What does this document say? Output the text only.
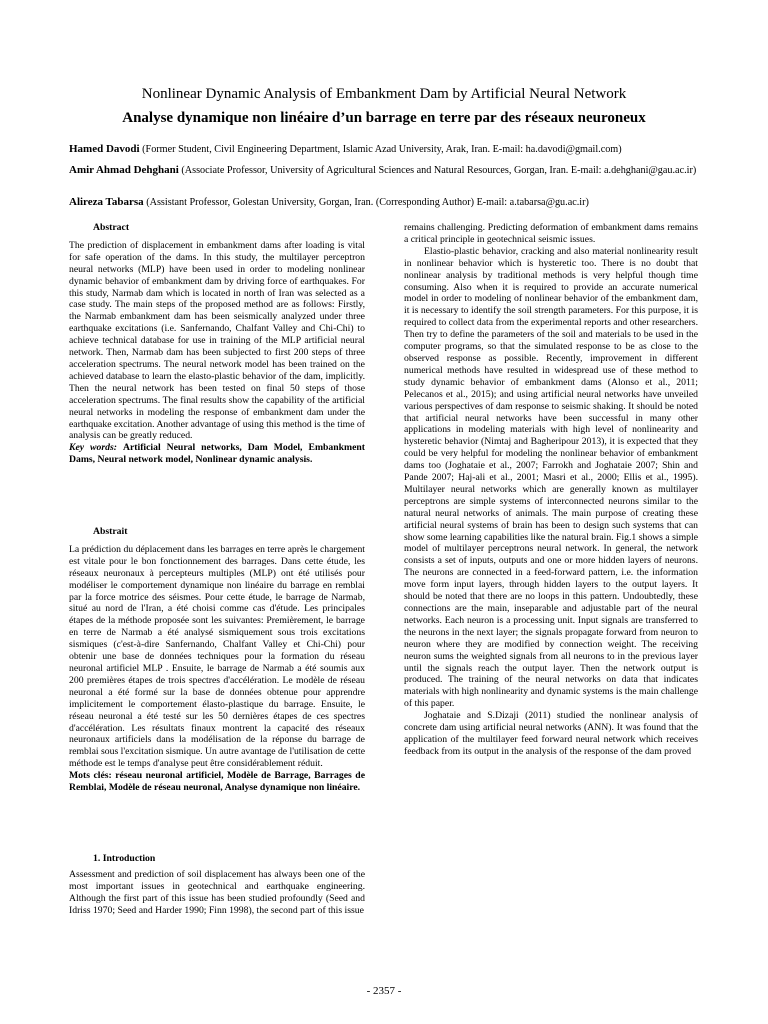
Nonlinear Dynamic Analysis of Embankment Dam by Artificial Neural Network
Analyse dynamique non linéaire d’un barrage en terre par des réseaux neuroneux
Hamed Davodi (Former Student, Civil Engineering Department, Islamic Azad University, Arak, Iran. E-mail: ha.davodi@gmail.com)
Amir Ahmad Dehghani (Associate Professor, University of Agricultural Sciences and Natural Resources, Gorgan, Iran. E-mail: a.dehghani@gau.ac.ir)
Alireza Tabarsa (Assistant Professor, Golestan University, Gorgan, Iran. (Corresponding Author) E-mail: a.tabarsa@gu.ac.ir)

Abstract

The prediction of displacement in embankment dams after loading is vital for safe operation of the dams. In this study, the multilayer perceptron neural networks (MLP) have been used in order to modeling nonlinear dynamic behavior of embankment dam by driving force of earthquakes. For this study, Narmab dam which is located in north of Iran was selected as a case study. The main steps of the proposed method are as follows: Firstly, the Narmab embankment dam has been seismically analyzed under three earthquake excitations (i.e. Sanfernando, Chalfant Valley and Chi-Chi) to achieve technical database for use in training of the MLP artificial neural network. Then, Narmab dam has been subjected to first 200 steps of three acceleration spectrums. The neural network model has been trained on the achieved database to learn the elasto-plastic behavior of the dam, implicitly. Then the neural network has been tested on final 50 steps of those acceleration spectrums. The final results show the capability of the artificial neural networks in modeling the response of embankment dam under the earthquake excitation. Another advantage of using this method is the time of analysis can be greatly reduced.

Key words: Artificial Neural networks, Dam Model, Embankment Dams, Neural network model, Nonlinear dynamic analysis.

Abstrait

La prédiction du déplacement dans les barrages en terre après le chargement est vitale pour le bon fonctionnement des barrages. Dans cette étude, les réseaux neuronaux à percepteurs multiples (MLP) ont été utilisés pour modéliser le comportement dynamique non linéaire du barrage en remblai par la force motrice des séismes. Pour cette étude, le barrage de Narmab, situé au nord de l'Iran, a été choisi comme cas d'étude. Les principales étapes de la méthode proposée sont les suivantes: Premièrement, le barrage en terre de Narmab a été analysé sismiquement sous trois excitations sismiques (c'est-à-dire Sanfernando, Chalfant Valley et Chi-Chi) pour obtenir une base de données techniques pour la formation du réseau neuronal artificiel MLP . Ensuite, le barrage de Narmab a été soumis aux 200 premières étapes de trois spectres d'accélération. Le modèle de réseau neuronal a été formé sur la base de données obtenue pour apprendre implicitement le comportement élasto-plastique du barrage. Ensuite, le réseau neuronal a été testé sur les 50 dernières étapes de ces spectres d'accélération. Les résultats finaux montrent la capacité des réseaux neuronaux artificiels dans la modélisation de la réponse du barrage de remblai sous l'excitation sismique. Un autre avantage de l'utilisation de cette méthode est le temps d'analyse peut être considérablement réduit.

Mots clés: réseau neuronal artificiel, Modèle de Barrage, Barrages de Remblai, Modèle de réseau neuronal, Analyse dynamique non linéaire.

1. Introduction

Assessment and prediction of soil displacement has always been one of the most important issues in geotechnical and earthquake engineering. Although the first part of this issue has been studied profoundly (Seed and Idriss 1970; Seed and Harder 1990; Finn 1998), the second part of this issue

remains challenging. Predicting deformation of embankment dams remains a critical principle in geotechnical seismic issues.

Elastio-plastic behavior, cracking and also material nonlinearity result in nonlinear behavior which is hysteretic too. There is no doubt that nonlinear analysis by traditional methods is very helpful though time consuming. Also when it is required to provide an accurate numerical model in order to modeling of nonlinear behavior of the embankment dam, it is necessary to identify the soil strength parameters. For this purpose, it is required to collect data from the experimental reports and other researchers. Then try to define the parameters of the soil and materials to be used in the computer programs, so that the simulated response to be as close to the observed response as possible. Recently, improvement in different numerical methods have resulted in widespread use of these method to study dynamic behavior of embankment dams (Alonso et al., 2011; Pelecanos et al., 2015); and using artificial neural networks have unveiled various perspectives of dam response to seismic shaking. It should be noted that artificial neural networks have been successful in many other applications in modeling materials with high level of nonlinearity and hysteretic behavior (Nimtaj and Bagheripour 2013), it is expected that they could be very helpful for modeling the nonlinear behavior of embankment dams too (Joghataie et al., 2007; Farrokh and Joghataie 2007; Shin and Pande 2007; Haj-ali et al., 2001; Masri et al., 2000; Ellis et al., 1995). Multilayer neural networks which are generally known as multilayer perceptrons are simple systems of interconnected neurons similar to the natural neural networks of animals. The main purpose of creating these artificial neural systems of brain has been to design such systems that can show some learning capabilities like the natural brain. Fig.1 shows a simple model of multilayer perceptrons neural network. In general, the network consists a set of inputs, outputs and one or more hidden layers of neurons. The neurons are connected in a feed-forward pattern, i.e. the information move form input layers, through hidden layers to the output layers. It should be noted that there are no loops in this pattern. Undoubtedly, these connections are the main, inseparable and adjustable part of the neural networks. Each neuron is a processing unit. Input signals are transferred to the neurons in the next layer; the signals propagate forward from neuron to neuron where they are modified by connection weight. The receiving neuron sums the weighted signals from all neurons to in the previous layer until the signals reach the output layer. Then the network output is produced. The training of the neural networks on data that indicates materials with high nonlinearity and dynamic systems is the main challenge of this paper.

Joghataie and S.Dizaji (2011) studied the nonlinear analysis of concrete dam using artificial neural networks (ANN). It was found that the application of the multilayer feed forward neural network which receives feedback from its output in the analysis of the response of the dam proved

- 2357 -
